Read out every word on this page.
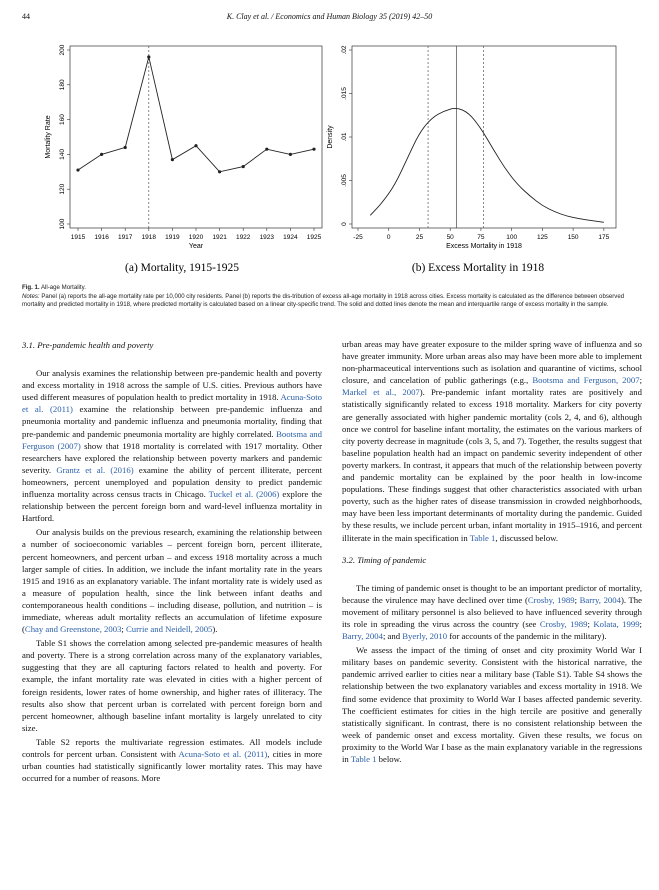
44	K. Clay et al. / Economics and Human Biology 35 (2019) 42–50
100
120
140
160
180
200
1915 1916 1917 1918 1919 1920 1921 1922 1923 1924 1925
Year
Mortality Rate
0
.005
.01
.015
.02
-25	0	25	50	75	100	125	150	175
Excess Mortality in 1918
Density
(a) Mortality, 1915-1925	(b) Excess Mortality in 1918
Fig. 1. All-age Mortality.
Notes: Panel (a) reports the all-age mortality rate per 10,000 city residents. Panel (b) reports the dis-tribution of excess all-age mortality in 1918 across cities. Excess mortality is calculated as the difference between observed mortality and predicted mortality in 1918, where predicted mortality is calculated based on a linear city-specific trend. The solid and dotted lines denote the mean and interquartile range of excess mortality in the sample.

3.1. Pre-pandemic health and poverty

Our analysis examines the relationship between pre-pandemic health and poverty and excess mortality in 1918 across the sample of U.S. cities. Previous authors have used different measures of population health to predict mortality in 1918. Acuna-Soto et al. (2011) examine the relationship between pre-pandemic influenza and pneumonia mortality and pandemic influenza and pneumonia mortality, finding that pre-pandemic and pandemic pneumonia mortality are highly correlated. Bootsma and Ferguson (2007) show that 1918 mortality is correlated with 1917 mortality. Other researchers have explored the relationship between poverty markers and pandemic severity. Grantz et al. (2016) examine the ability of percent illiterate, percent homeowners, percent unemployed and population density to predict pandemic influenza mortality across census tracts in Chicago. Tuckel et al. (2006) explore the relationship between the percent foreign born and ward-level influenza mortality in Hartford.

Our analysis builds on the previous research, examining the relationship between a number of socioeconomic variables – percent foreign born, percent illiterate, percent homeowners, and percent urban – and excess 1918 mortality across a much larger sample of cities. In addition, we include the infant mortality rate in the years 1915 and 1916 as an explanatory variable. The infant mortality rate is widely used as a measure of population health, since the link between infant deaths and contemporaneous health conditions – including disease, pollution, and nutrition – is immediate, whereas adult mortality reflects an accumulation of lifetime exposure (Chay and Greenstone, 2003; Currie and Neidell, 2005).

Table S1 shows the correlation among selected pre-pandemic measures of health and poverty. There is a strong correlation across many of the explanatory variables, suggesting that they are all capturing factors related to health and poverty. For example, the infant mortality rate was elevated in cities with a higher percent of foreign residents, lower rates of home ownership, and higher rates of illiteracy. The results also show that percent urban is correlated with percent foreign born and percent homeowner, although baseline infant mortality is largely unrelated to city size.

Table S2 reports the multivariate regression estimates. All models include controls for percent urban. Consistent with Acuna-Soto et al. (2011), cities in more urban counties had statistically significantly lower mortality rates. This may have occurred for a number of reasons. More

urban areas may have greater exposure to the milder spring wave of influenza and so have greater immunity. More urban areas also may have been more able to implement non-pharmaceutical interventions such as isolation and quarantine of victims, school closure, and cancelation of public gatherings (e.g., Bootsma and Ferguson, 2007; Markel et al., 2007). Pre-pandemic infant mortality rates are positively and statistically significantly related to excess 1918 mortality. Markers for city poverty are generally associated with higher pandemic mortality (cols 2, 4, and 6), although once we control for baseline infant mortality, the estimates on the various markers of city poverty decrease in magnitude (cols 3, 5, and 7). Together, the results suggest that baseline population health had an impact on pandemic severity independent of other poverty markers. In contrast, it appears that much of the relationship between poverty and pandemic mortality can be explained by the poor health in low-income populations. These findings suggest that other characteristics associated with urban poverty, such as the higher rates of disease transmission in crowded neighborhoods, may have been less important determinants of mortality during the pandemic. Guided by these results, we include percent urban, infant mortality in 1915–1916, and percent illiterate in the main specification in Table 1, discussed below.

3.2. Timing of pandemic

The timing of pandemic onset is thought to be an important predictor of mortality, because the virulence may have declined over time (Crosby, 1989; Barry, 2004). The movement of military personnel is also believed to have influenced severity through its role in spreading the virus across the country (see Crosby, 1989; Kolata, 1999; Barry, 2004; and Byerly, 2010 for accounts of the pandemic in the military).

We assess the impact of the timing of onset and city proximity World War I military bases on pandemic severity. Consistent with the historical narrative, the pandemic arrived earlier to cities near a military base (Table S1). Table S4 shows the relationship between the two explanatory variables and excess mortality in 1918. We find some evidence that proximity to World War I bases affected pandemic severity. The coefficient estimates for cities in the high tercile are positive and generally statistically significant. In contrast, there is no consistent relationship between the week of pandemic onset and excess mortality. Given these results, we focus on proximity to the World War I base as the main explanatory variable in the regressions in Table 1 below.
